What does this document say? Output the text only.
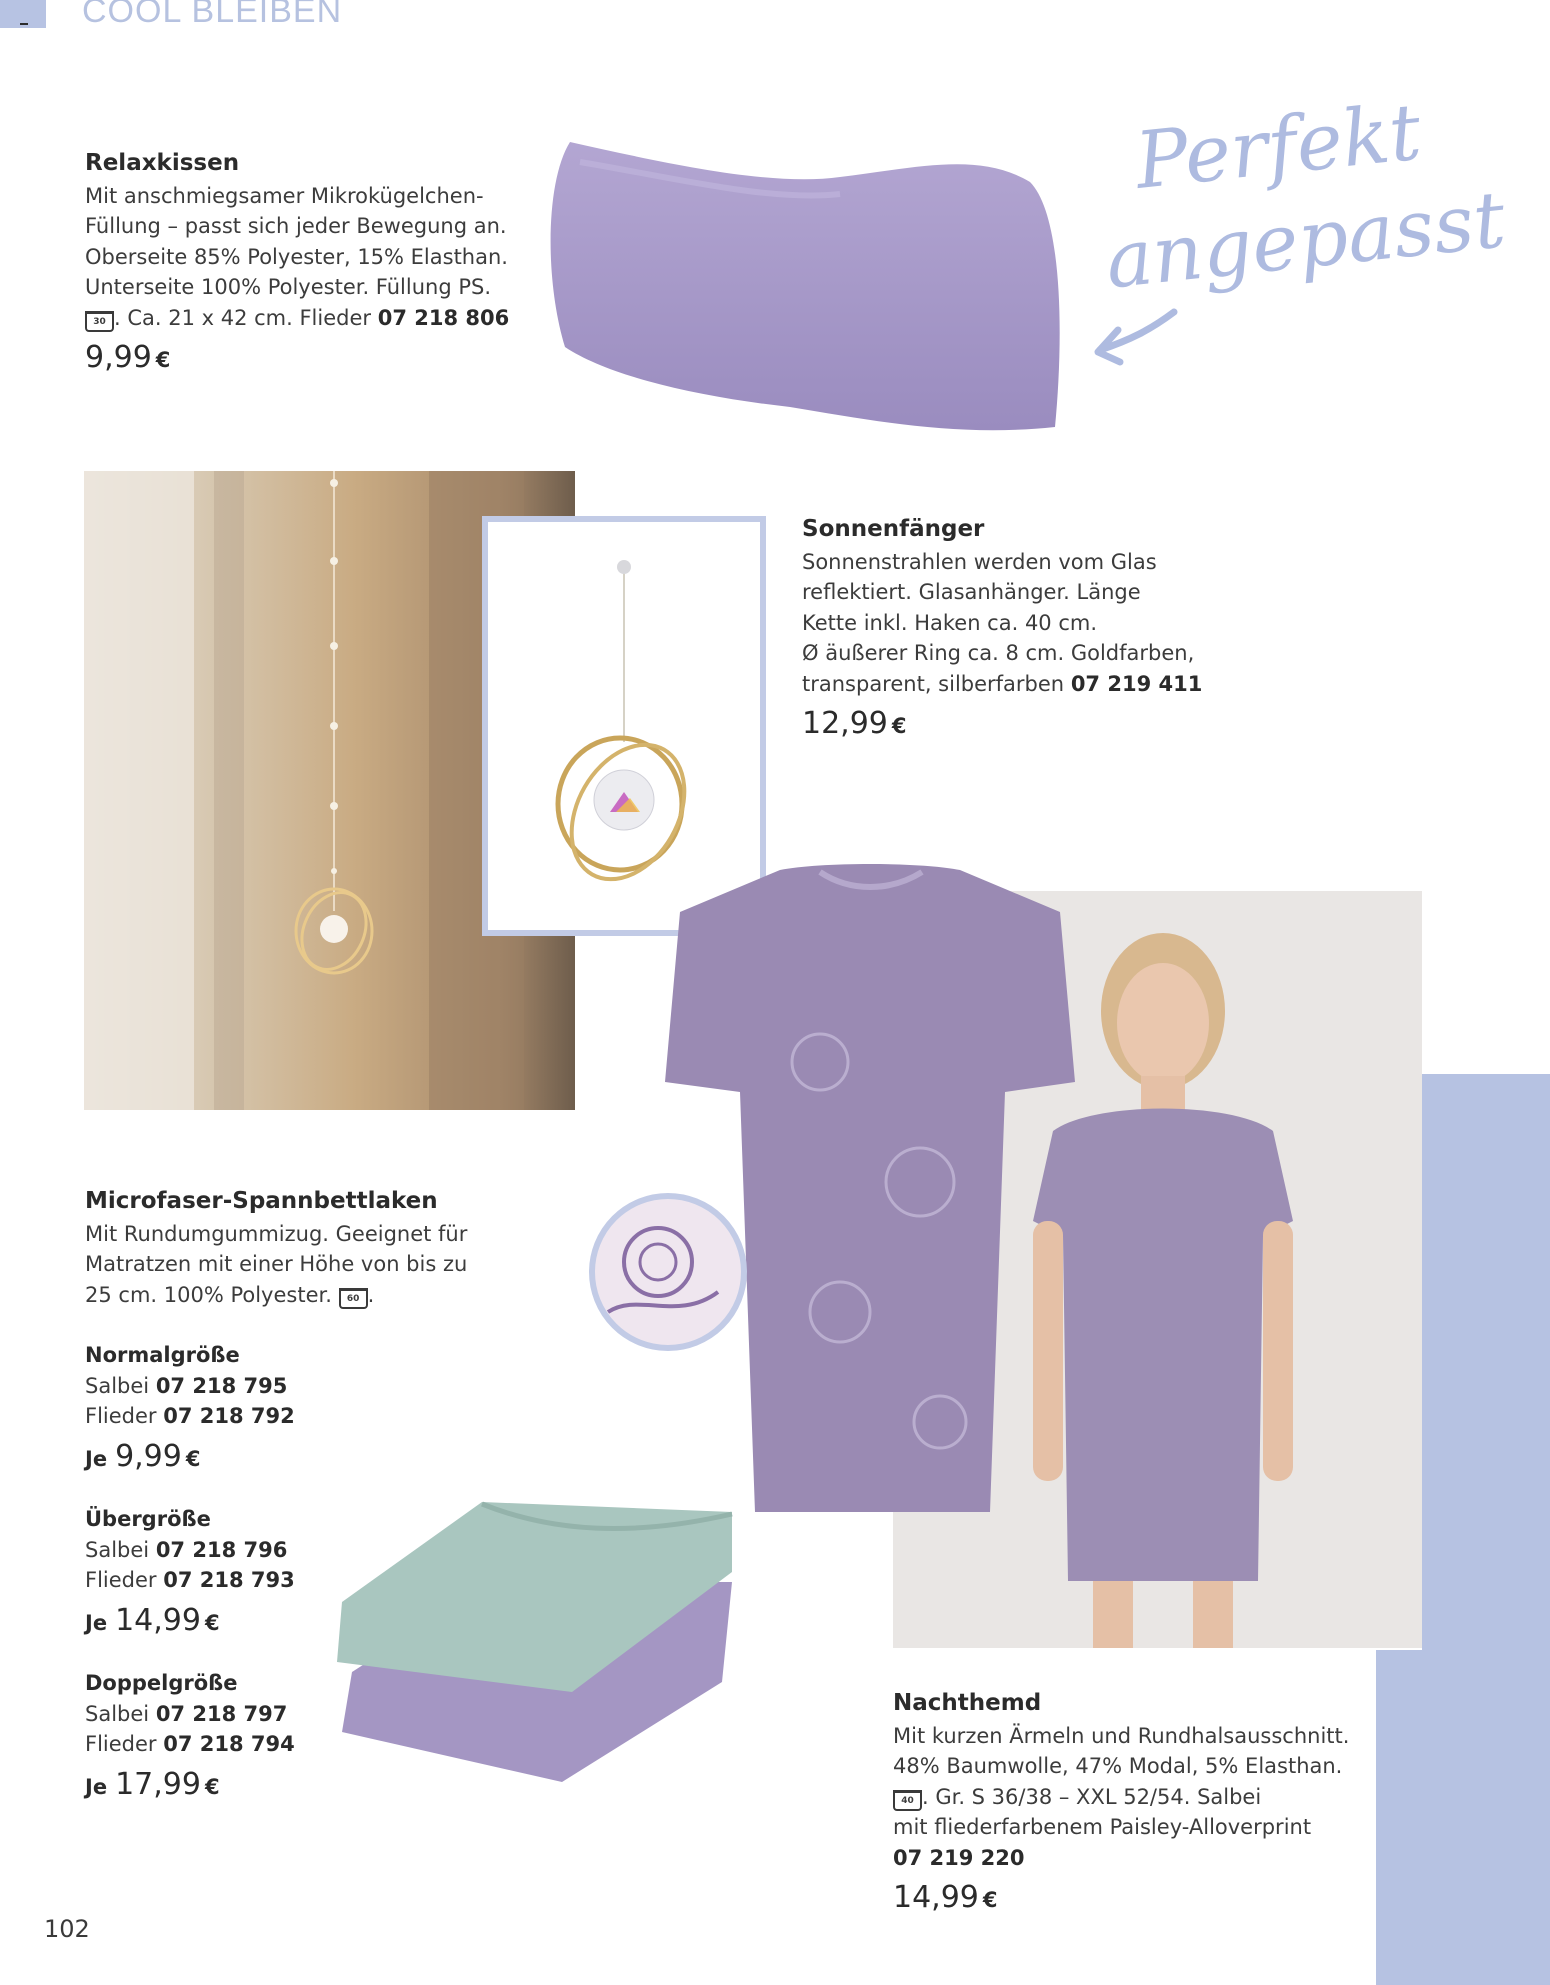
COOL BLEIBEN
Perfekt
angepasst
Relaxkissen
Mit anschmiegsamer Mikrokügelchen-
Füllung – passt sich jeder Bewegung an.
Oberseite 85% Polyester, 15% Elasthan.
Unterseite 100% Polyester. Füllung PS.
30 . Ca. 21 x 42 cm. Flieder 07 218 806
9,99 €
Sonnenfänger
Sonnenstrahlen werden vom Glas
reflektiert. Glasanhänger. Länge
Kette inkl. Haken ca. 40 cm.
Ø äußerer Ring ca. 8 cm. Goldfarben,
transparent, silberfarben 07 219 411
12,99 €
Microfaser-Spannbettlaken
Mit Rundumgummizug. Geeignet für
Matratzen mit einer Höhe von bis zu
25 cm. 100% Polyester. 60 .
Normalgröße
Salbei 07 218 795
Flieder 07 218 792
Je 9,99 €
Übergröße
Salbei 07 218 796
Flieder 07 218 793
Je 14,99 €
Doppelgröße
Salbei 07 218 797
Flieder 07 218 794
Je 17,99 €
Nachthemd
Mit kurzen Ärmeln und Rundhalsausschnitt.
48% Baumwolle, 47% Modal, 5% Elasthan.
40 . Gr. S 36/38 – XXL 52/54. Salbei
mit fliederfarbenem Paisley-Alloverprint
07 219 220
14,99 €
102
